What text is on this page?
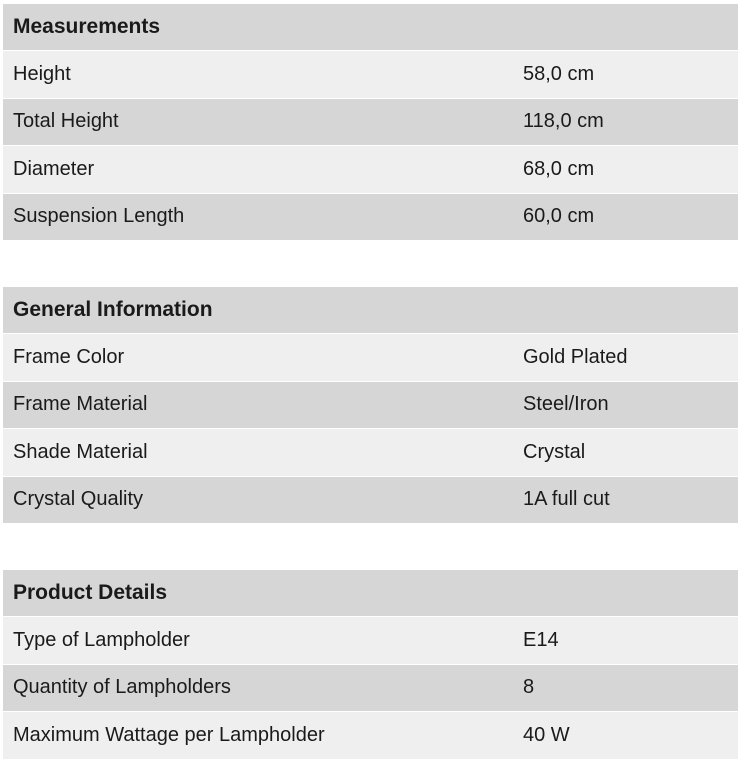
Measurements
Height	58,0 cm
Total Height	118,0 cm
Diameter	68,0 cm
Suspension Length	60,0 cm
General Information
Frame Color	Gold Plated
Frame Material	Steel/Iron
Shade Material	Crystal
Crystal Quality	1A full cut
Product Details
Type of Lampholder	E14
Quantity of Lampholders	8
Maximum Wattage per Lampholder	40 W
